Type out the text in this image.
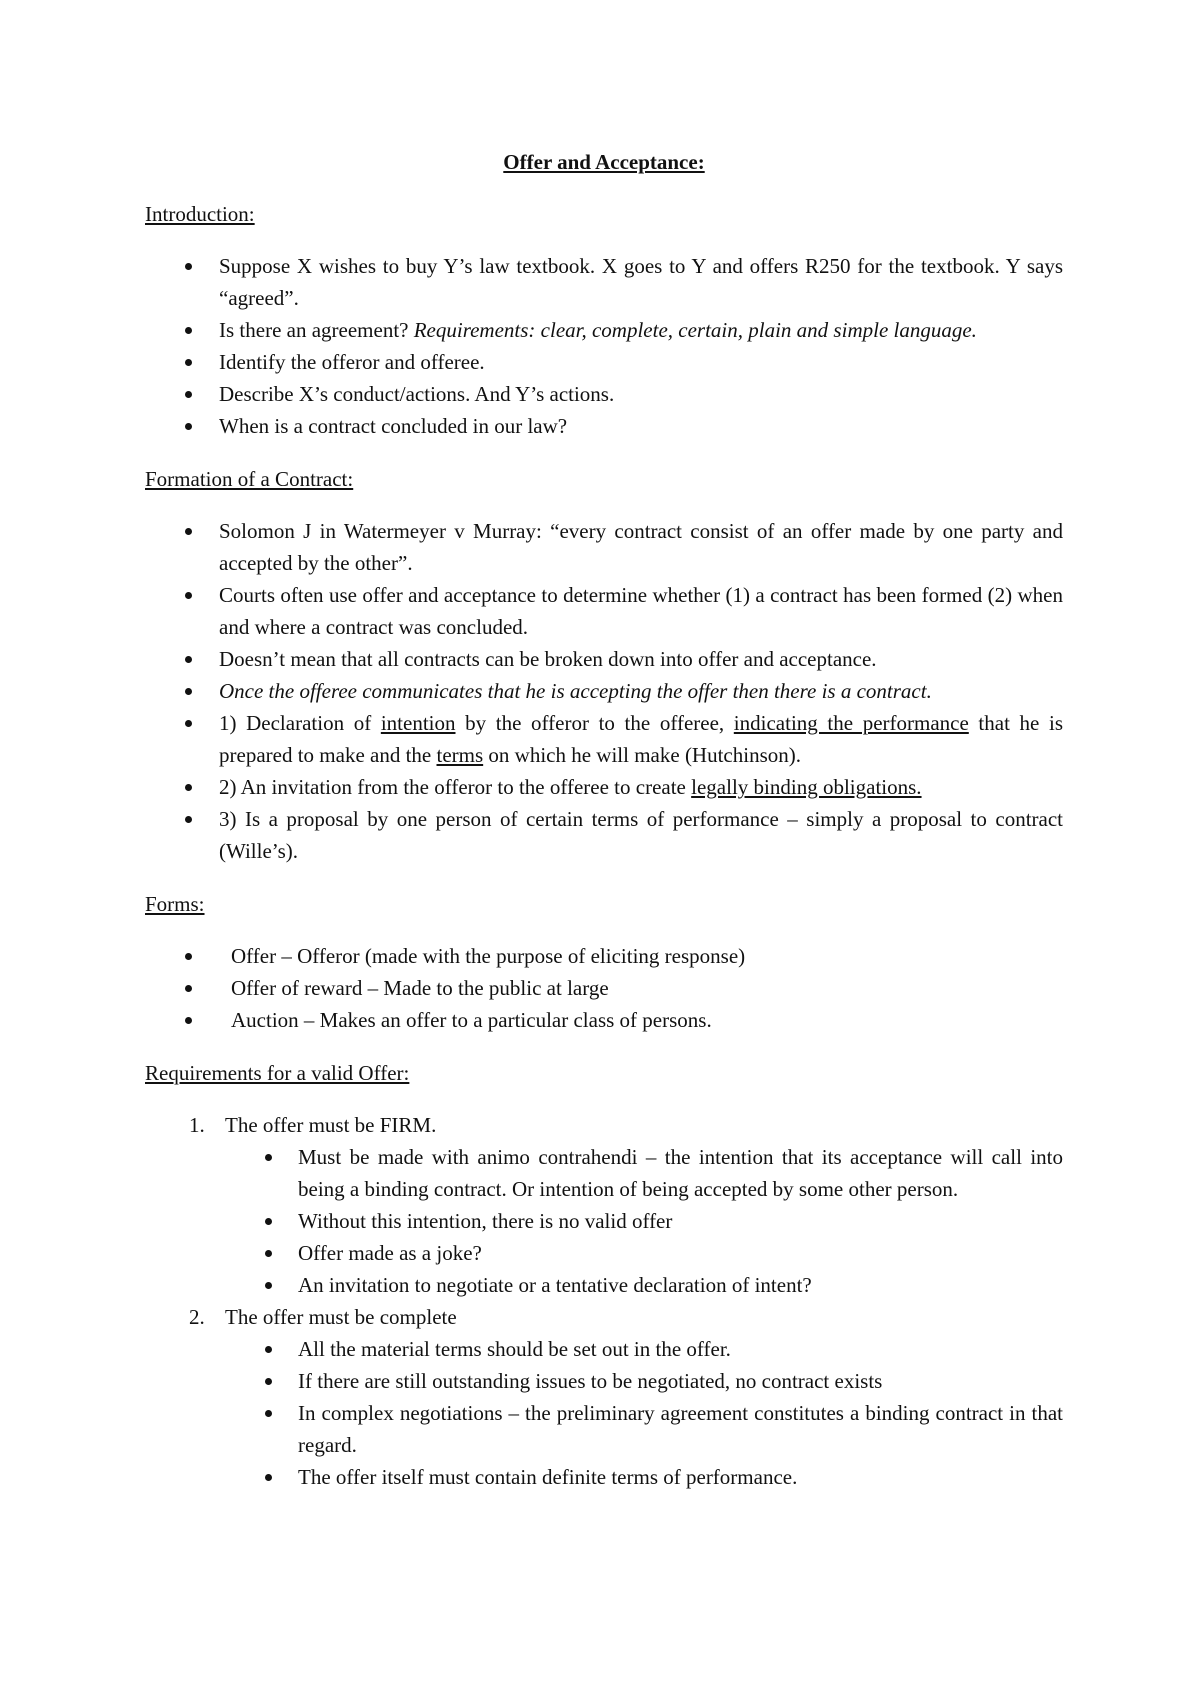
Offer and Acceptance:
Introduction:
Suppose X wishes to buy Y’s law textbook. X goes to Y and offers R250 for the textbook. Y says “agreed”.
Is there an agreement? Requirements: clear, complete, certain, plain and simple language.
Identify the offeror and offeree.
Describe X’s conduct/actions. And Y’s actions.
When is a contract concluded in our law?
Formation of a Contract:
Solomon J in Watermeyer v Murray: “every contract consist of an offer made by one party and accepted by the other”.
Courts often use offer and acceptance to determine whether (1) a contract has been formed (2) when and where a contract was concluded.
Doesn’t mean that all contracts can be broken down into offer and acceptance.
Once the offeree communicates that he is accepting the offer then there is a contract.
1) Declaration of intention by the offeror to the offeree, indicating the performance that he is prepared to make and the terms on which he will make (Hutchinson).
2) An invitation from the offeror to the offeree to create legally binding obligations.
3) Is a proposal by one person of certain terms of performance – simply a proposal to contract (Wille’s).
Forms:
Offer – Offeror (made with the purpose of eliciting response)
Offer of reward – Made to the public at large
Auction – Makes an offer to a particular class of persons.
Requirements for a valid Offer:
1. The offer must be FIRM.
Must be made with animo contrahendi – the intention that its acceptance will call into being a binding contract. Or intention of being accepted by some other person.
Without this intention, there is no valid offer
Offer made as a joke?
An invitation to negotiate or a tentative declaration of intent?
2. The offer must be complete
All the material terms should be set out in the offer.
If there are still outstanding issues to be negotiated, no contract exists
In complex negotiations – the preliminary agreement constitutes a binding contract in that regard.
The offer itself must contain definite terms of performance.
